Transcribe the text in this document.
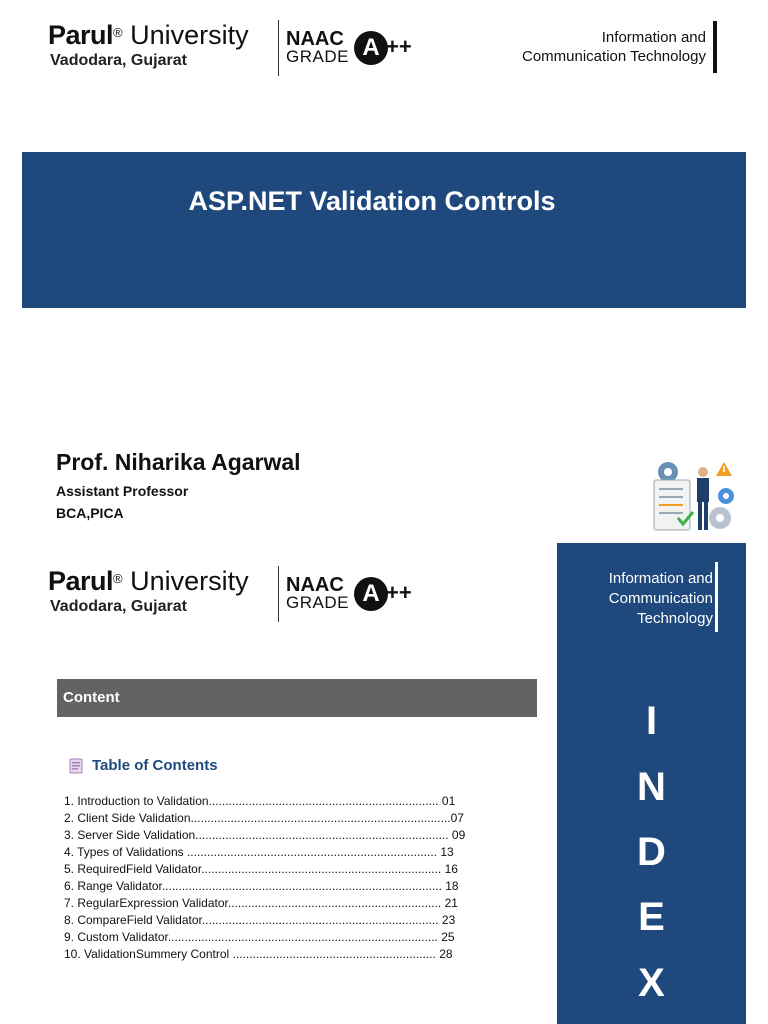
Parul® University
Vadodara, Gujarat
NAAC
GRADE A ++	Information and
Communication Technology
ASP.NET Validation Controls
Prof. Niharika Agarwal
Assistant Professor
BCA,PICA
Parul® University
Vadodara, Gujarat
NAAC
GRADE A ++
Information and
Communication
Technology
I
N
D
E
X
Content
Table of Contents
1. Introduction to Validation..................................................................... 01
2. Client Side Validation..............................................................................07
3. Server Side Validation............................................................................ 09
4. Types of Validations ........................................................................... 13
5. RequiredField Validator........................................................................ 16
6. Range Validator.................................................................................... 18
7. RegularExpression Validator................................................................ 21
8. CompareField Validator....................................................................... 23
9. Custom Validator................................................................................. 25
10. ValidationSummery Control ............................................................. 28
